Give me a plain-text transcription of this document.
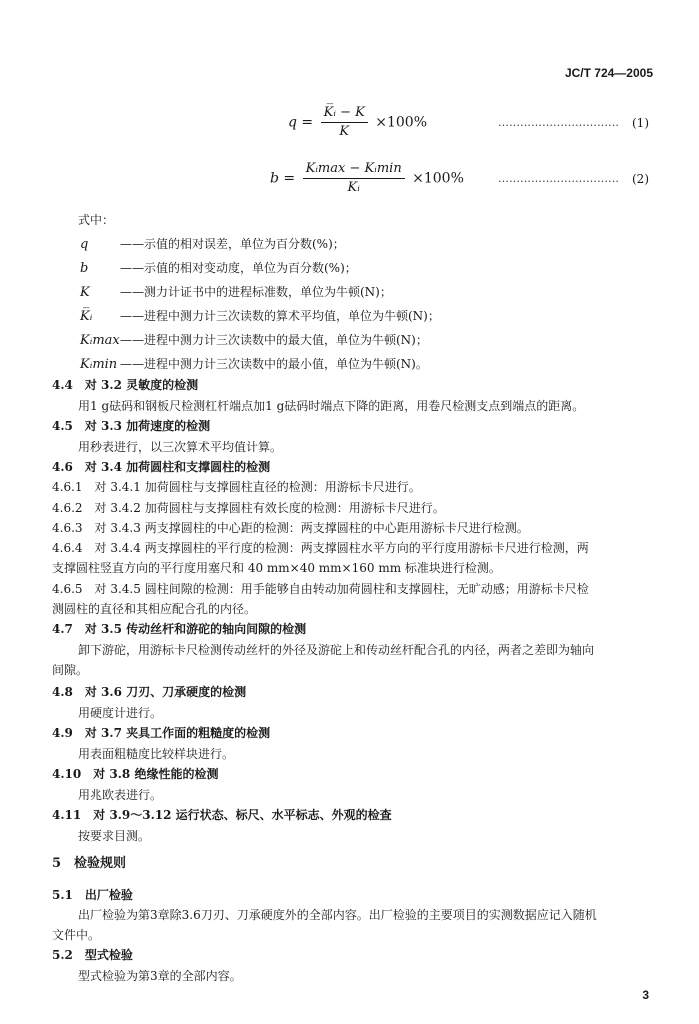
JC/T 724—2005
$q = \frac{\text{K̅ᵢ − K}}{K} \times 100\%$	…………………………… (1)
$b = \frac{\text{Kᵢmax − Kᵢmin}}{\text{K̅ᵢ}} \times 100\%$	…………………………… (2)
式中：
q	——示值的相对误差，单位为百分数(%)；
b	——示值的相对变动度，单位为百分数(%)；
K	——测力计证书中的进程标准数，单位为牛顿(N)；
K̅ᵢ ——进程中测力计三次读数的算术平均值，单位为牛顿(N)；
Kᵢmax——进程中测力计三次读数中的最大值，单位为牛顿(N)；
Kᵢmin ——进程中测力计三次读数中的最小值，单位为牛顿(N)。
4.4　对 3.2 灵敏度的检测
用1 g砝码和钢板尺检测杠杆端点加1 g砝码时端点下降的距离，用卷尺检测支点到端点的距离。
4.5　对 3.3 加荷速度的检测
用秒表进行，以三次算术平均值计算。
4.6　对 3.4 加荷圆柱和支撑圆柱的检测
4.6.1　对 3.4.1 加荷圆柱与支撑圆柱直径的检测：用游标卡尺进行。
4.6.2　对 3.4.2 加荷圆柱与支撑圆柱有效长度的检测：用游标卡尺进行。
4.6.3　对 3.4.3 两支撑圆柱的中心距的检测：两支撑圆柱的中心距用游标卡尺进行检测。
4.6.4　对 3.4.4 两支撑圆柱的平行度的检测：两支撑圆柱水平方向的平行度用游标卡尺进行检测，两
支撑圆柱竖直方向的平行度用塞尺和 40 mm×40 mm×160 mm 标准块进行检测。
4.6.5　对 3.4.5 圆柱间隙的检测：用手能够自由转动加荷圆柱和支撑圆柱，无旷动感；用游标卡尺检
测圆柱的直径和其相应配合孔的内径。
4.7　对 3.5 传动丝杆和游砣的轴向间隙的检测
卸下游砣，用游标卡尺检测传动丝杆的外径及游砣上和传动丝杆配合孔的内径，两者之差即为轴向
间隙。
4.8　对 3.6 刀刃、刀承硬度的检测
用硬度计进行。
4.9　对 3.7 夹具工作面的粗糙度的检测
用表面粗糙度比较样块进行。
4.10　对 3.8 绝缘性能的检测
用兆欧表进行。
4.11　对 3.9～3.12 运行状态、标尺、水平标志、外观的检查
按要求目测。
5　检验规则
5.1　出厂检验
出厂检验为第3章除3.6刀刃、刀承硬度外的全部内容。出厂检验的主要项目的实测数据应记入随机
文件中。
5.2　型式检验
型式检验为第3章的全部内容。
3
